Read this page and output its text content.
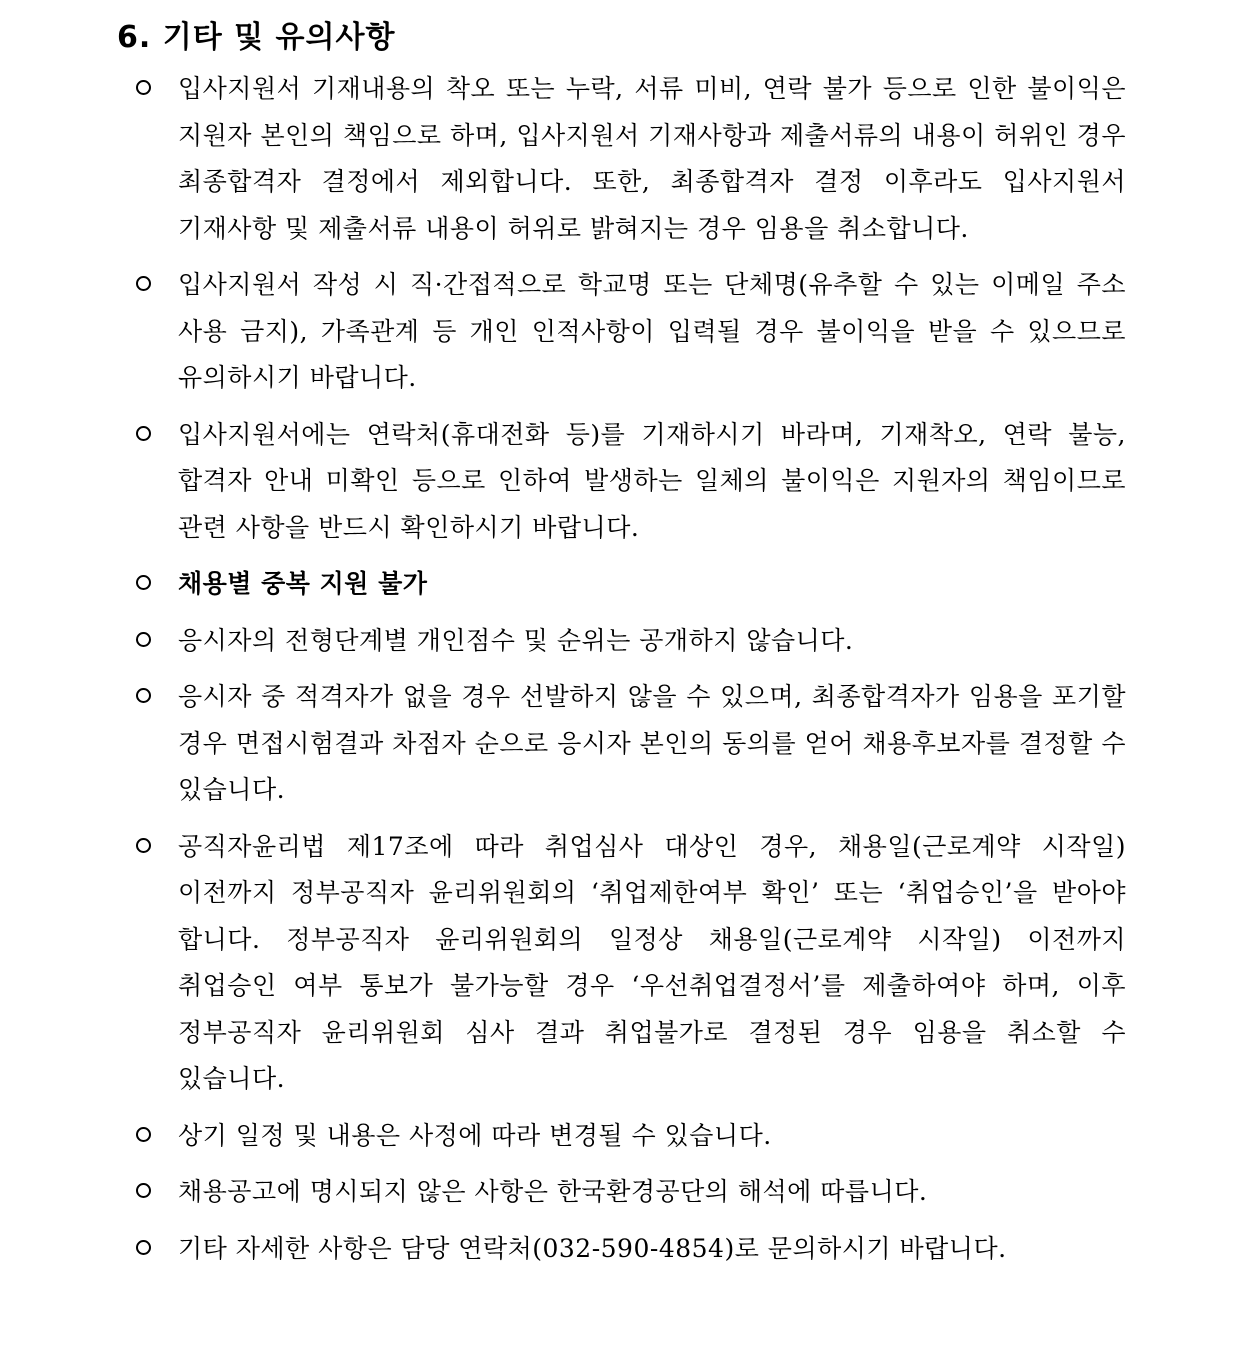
6. 기타 및 유의사항
입사지원서 기재내용의 착오 또는 누락, 서류 미비, 연락 불가 등으로 인한 불이익은 지원자 본인의 책임으로 하며, 입사지원서 기재사항과 제출서류의 내용이 허위인 경우 최종합격자 결정에서 제외합니다. 또한, 최종합격자 결정 이후라도 입사지원서 기재사항 및 제출서류 내용이 허위로 밝혀지는 경우 임용을 취소합니다.
입사지원서 작성 시 직·간접적으로 학교명 또는 단체명(유추할 수 있는 이메일 주소 사용 금지), 가족관계 등 개인 인적사항이 입력될 경우 불이익을 받을 수 있으므로 유의하시기 바랍니다.
입사지원서에는 연락처(휴대전화 등)를 기재하시기 바라며, 기재착오, 연락 불능, 합격자 안내 미확인 등으로 인하여 발생하는 일체의 불이익은 지원자의 책임이므로 관련 사항을 반드시 확인하시기 바랍니다.
채용별 중복 지원 불가
응시자의 전형단계별 개인점수 및 순위는 공개하지 않습니다.
응시자 중 적격자가 없을 경우 선발하지 않을 수 있으며, 최종합격자가 임용을 포기할 경우 면접시험결과 차점자 순으로 응시자 본인의 동의를 얻어 채용후보자를 결정할 수 있습니다.
공직자윤리법 제17조에 따라 취업심사 대상인 경우, 채용일(근로계약 시작일) 이전까지 정부공직자 윤리위원회의 ‘취업제한여부 확인’ 또는 ‘취업승인’을 받아야 합니다. 정부공직자 윤리위원회의 일정상 채용일(근로계약 시작일) 이전까지 취업승인 여부 통보가 불가능할 경우 ‘우선취업결정서’를 제출하여야 하며, 이후 정부공직자 윤리위원회 심사 결과 취업불가로 결정된 경우 임용을 취소할 수 있습니다.
상기 일정 및 내용은 사정에 따라 변경될 수 있습니다.
채용공고에 명시되지 않은 사항은 한국환경공단의 해석에 따릅니다.
기타 자세한 사항은 담당 연락처(032-590-4854)로 문의하시기 바랍니다.
